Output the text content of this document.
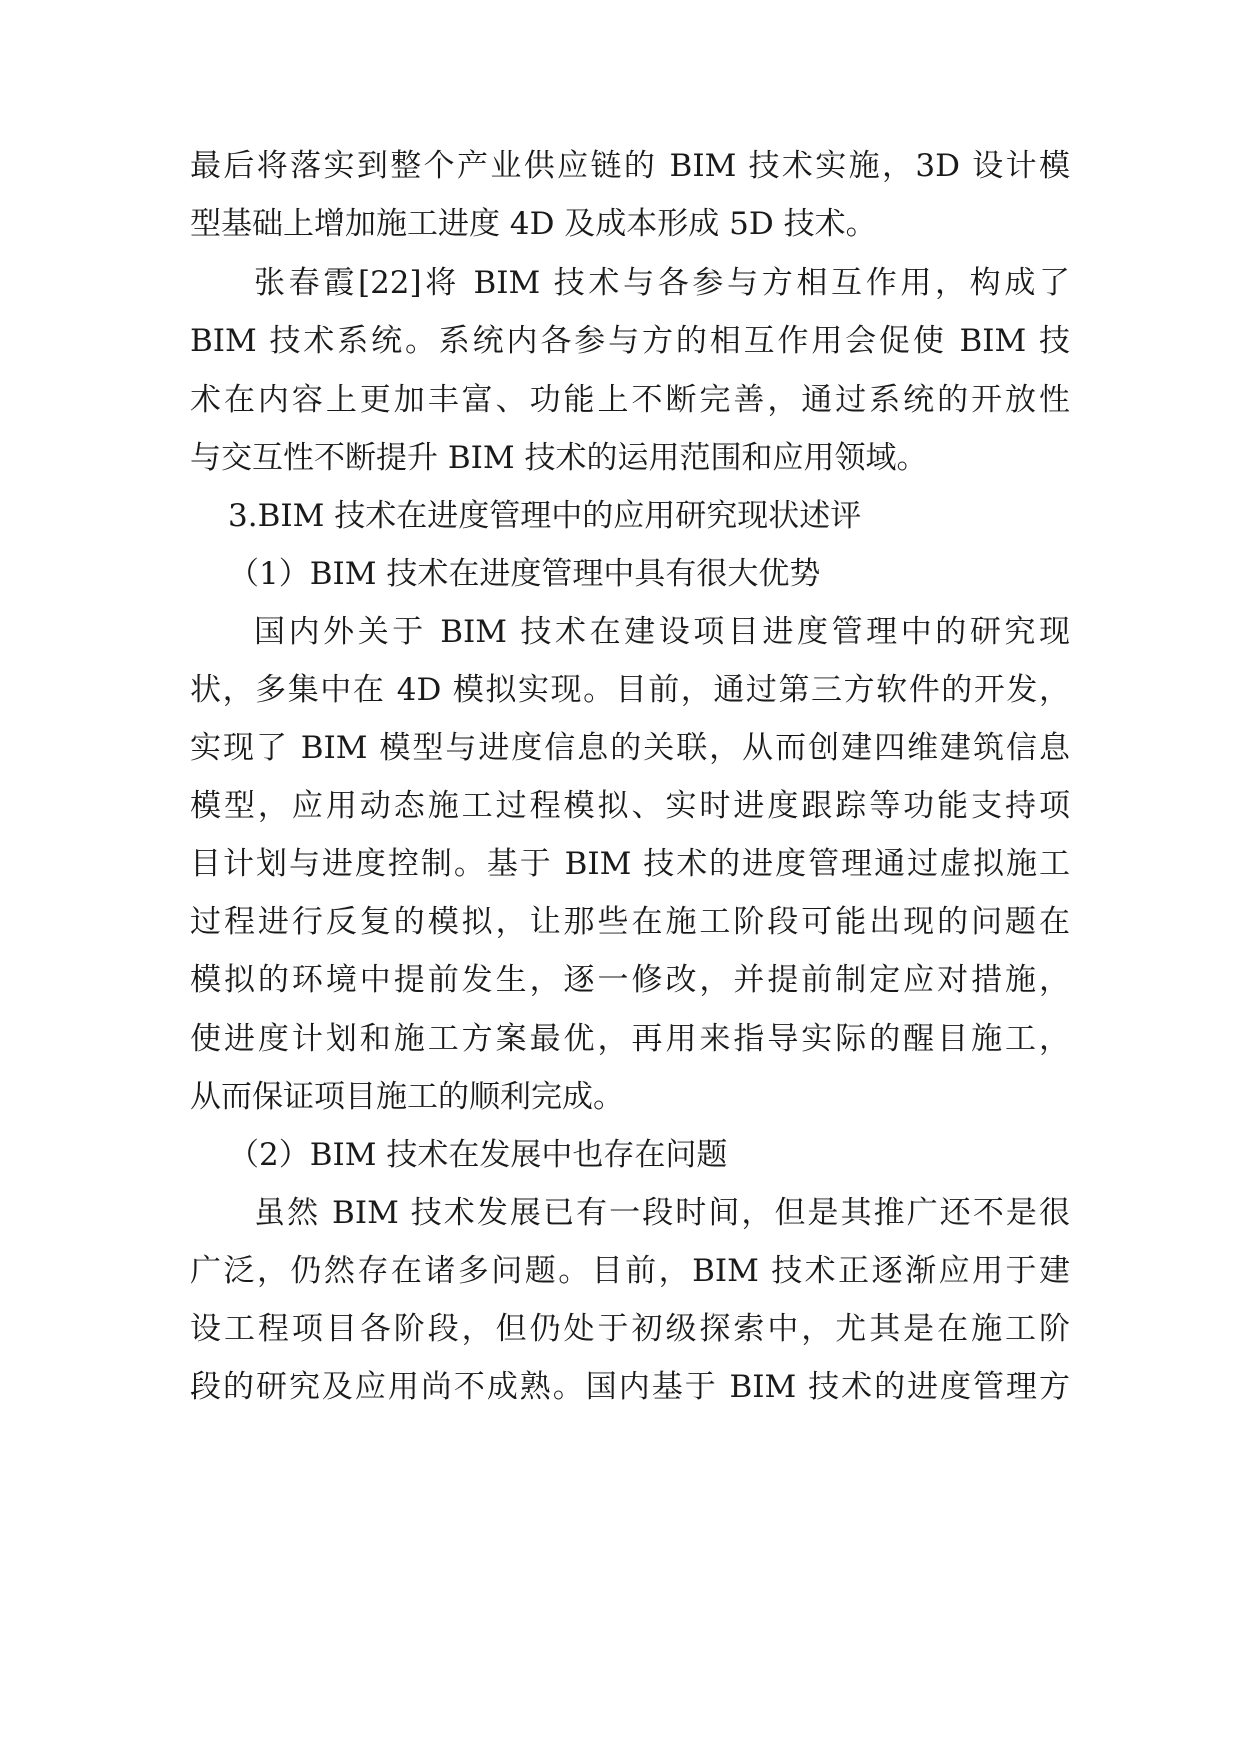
最后将落实到整个产业供应链的 BIM 技术实施，3D 设计模
型基础上增加施工进度 4D 及成本形成 5D 技术。
张春霞[22]将 BIM 技术与各参与方相互作用，构成了
BIM 技术系统。系统内各参与方的相互作用会促使 BIM 技
术在内容上更加丰富、功能上不断完善，通过系统的开放性
与交互性不断提升 BIM 技术的运用范围和应用领域。
3.BIM 技术在进度管理中的应用研究现状述评
（1）BIM 技术在进度管理中具有很大优势
国内外关于 BIM 技术在建设项目进度管理中的研究现
状，多集中在 4D 模拟实现。目前，通过第三方软件的开发，
实现了 BIM 模型与进度信息的关联，从而创建四维建筑信息
模型，应用动态施工过程模拟、实时进度跟踪等功能支持项
目计划与进度控制。基于 BIM 技术的进度管理通过虚拟施工
过程进行反复的模拟，让那些在施工阶段可能出现的问题在
模拟的环境中提前发生，逐一修改，并提前制定应对措施，
使进度计划和施工方案最优，再用来指导实际的醒目施工，
从而保证项目施工的顺利完成。
（2）BIM 技术在发展中也存在问题
虽然 BIM 技术发展已有一段时间，但是其推广还不是很
广泛，仍然存在诸多问题。目前，BIM 技术正逐渐应用于建
设工程项目各阶段，但仍处于初级探索中，尤其是在施工阶
段的研究及应用尚不成熟。国内基于 BIM 技术的进度管理方
